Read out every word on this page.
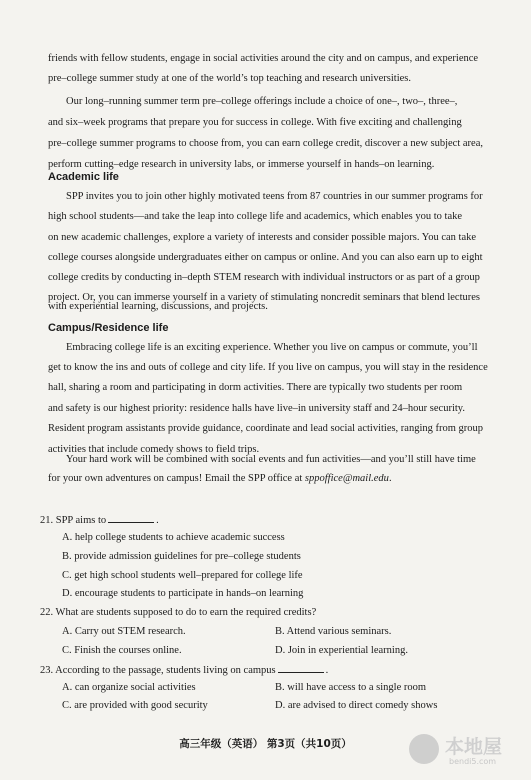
friends with fellow students, engage in social activities around the city and on campus, and experience
pre–college summer study at one of the world’s top teaching and research universities.
Our long–running summer term pre–college offerings include a choice of one–, two–, three–,
and six–week programs that prepare you for success in college. With five exciting and challenging
pre–college summer programs to choose from, you can earn college credit, discover a new subject area,
perform cutting–edge research in university labs, or immerse yourself in hands–on learning.
Academic life
SPP invites you to join other highly motivated teens from 87 countries in our summer programs for
high school students—and take the leap into college life and academics, which enables you to take
on new academic challenges, explore a variety of interests and consider possible majors. You can take
college courses alongside undergraduates either on campus or online. And you can also earn up to eight
college credits by conducting in–depth STEM research with individual instructors or as part of a group
project. Or, you can immerse yourself in a variety of stimulating noncredit seminars that blend lectures
with experiential learning, discussions, and projects.
Campus/Residence life
Embracing college life is an exciting experience. Whether you live on campus or commute, you’ll
get to know the ins and outs of college and city life. If you live on campus, you will stay in the residence
hall, sharing a room and participating in dorm activities. There are typically two students per room
and safety is our highest priority: residence halls have live–in university staff and 24–hour security.
Resident program assistants provide guidance, coordinate and lead social activities, ranging from group
activities that include comedy shows to field trips.
Your hard work will be combined with social events and fun activities—and you’ll still have time
for your own adventures on campus! Email the SPP office at sppoffice@mail.edu.
21. SPP aims to	.
A. help college students to achieve academic success
B. provide admission guidelines for pre–college students
C. get high school students well–prepared for college life
D. encourage students to participate in hands–on learning
22. What are students supposed to do to earn the required credits?
A. Carry out STEM research.	B. Attend various seminars.
C. Finish the courses online.	D. Join in experiential learning.
23. According to the passage, students living on campus	.
A. can organize social activities	B. will have access to a single room
C. are provided with good security	D. are advised to direct comedy shows
高三年级（英语） 第3页（共10页）	本地屋
bendi5.com
